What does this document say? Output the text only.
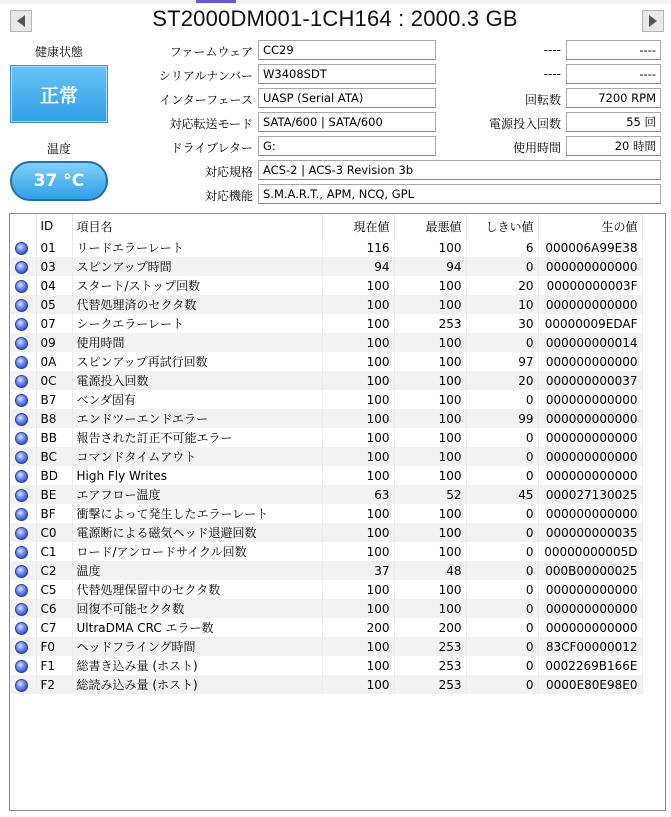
ST2000DM001-1CH164 : 2000.3 GB
健康状態
正常
温度
37 °C
ファームウェア CC29
シリアルナンバー W3408SDT
インターフェース UASP (Serial ATA)
対応転送モード SATA/600 | SATA/600
ドライブレター G:
対応規格 ACS-2 | ACS-3 Revision 3b
対応機能 S.M.A.R.T., APM, NCQ, GPL
----	----
----	----
回転数	7200 RPM
電源投入回数	55 回
使用時間	20 時間
	ID	項目名	現在値	最悪値	しきい値	生の値
	01	リードエラーレート	116	100	6	000006A99E38
	03	スピンアップ時間	94	94	0	000000000000
	04	スタート/ストップ回数	100	100	20	00000000003F
	05	代替処理済のセクタ数	100	100	10	000000000000
	07	シークエラーレート	100	253	30	00000009EDAF
	09	使用時間	100	100	0	000000000014
	0A	スピンアップ再試行回数	100	100	97	000000000000
	0C	電源投入回数	100	100	20	000000000037
	B7	ベンダ固有	100	100	0	000000000000
	B8	エンドツーエンドエラー	100	100	99	000000000000
	BB	報告された訂正不可能エラー	100	100	0	000000000000
	BC	コマンドタイムアウト	100	100	0	000000000000
	BD	High Fly Writes	100	100	0	000000000000
	BE	エアフロー温度	63	52	45	000027130025
	BF	衝撃によって発生したエラーレート	100	100	0	000000000000
	C0	電源断による磁気ヘッド退避回数	100	100	0	000000000035
	C1	ロード/アンロードサイクル回数	100	100	0	00000000005D
	C2	温度	37	48	0	000B00000025
	C5	代替処理保留中のセクタ数	100	100	0	000000000000
	C6	回復不可能セクタ数	100	100	0	000000000000
	C7	UltraDMA CRC エラー数	200	200	0	000000000000
	F0	ヘッドフライング時間	100	253	0	83CF00000012
	F1	総書き込み量 (ホスト)	100	253	0	0002269B166E
	F2	総読み込み量 (ホスト)	100	253	0	0000E80E98E0
